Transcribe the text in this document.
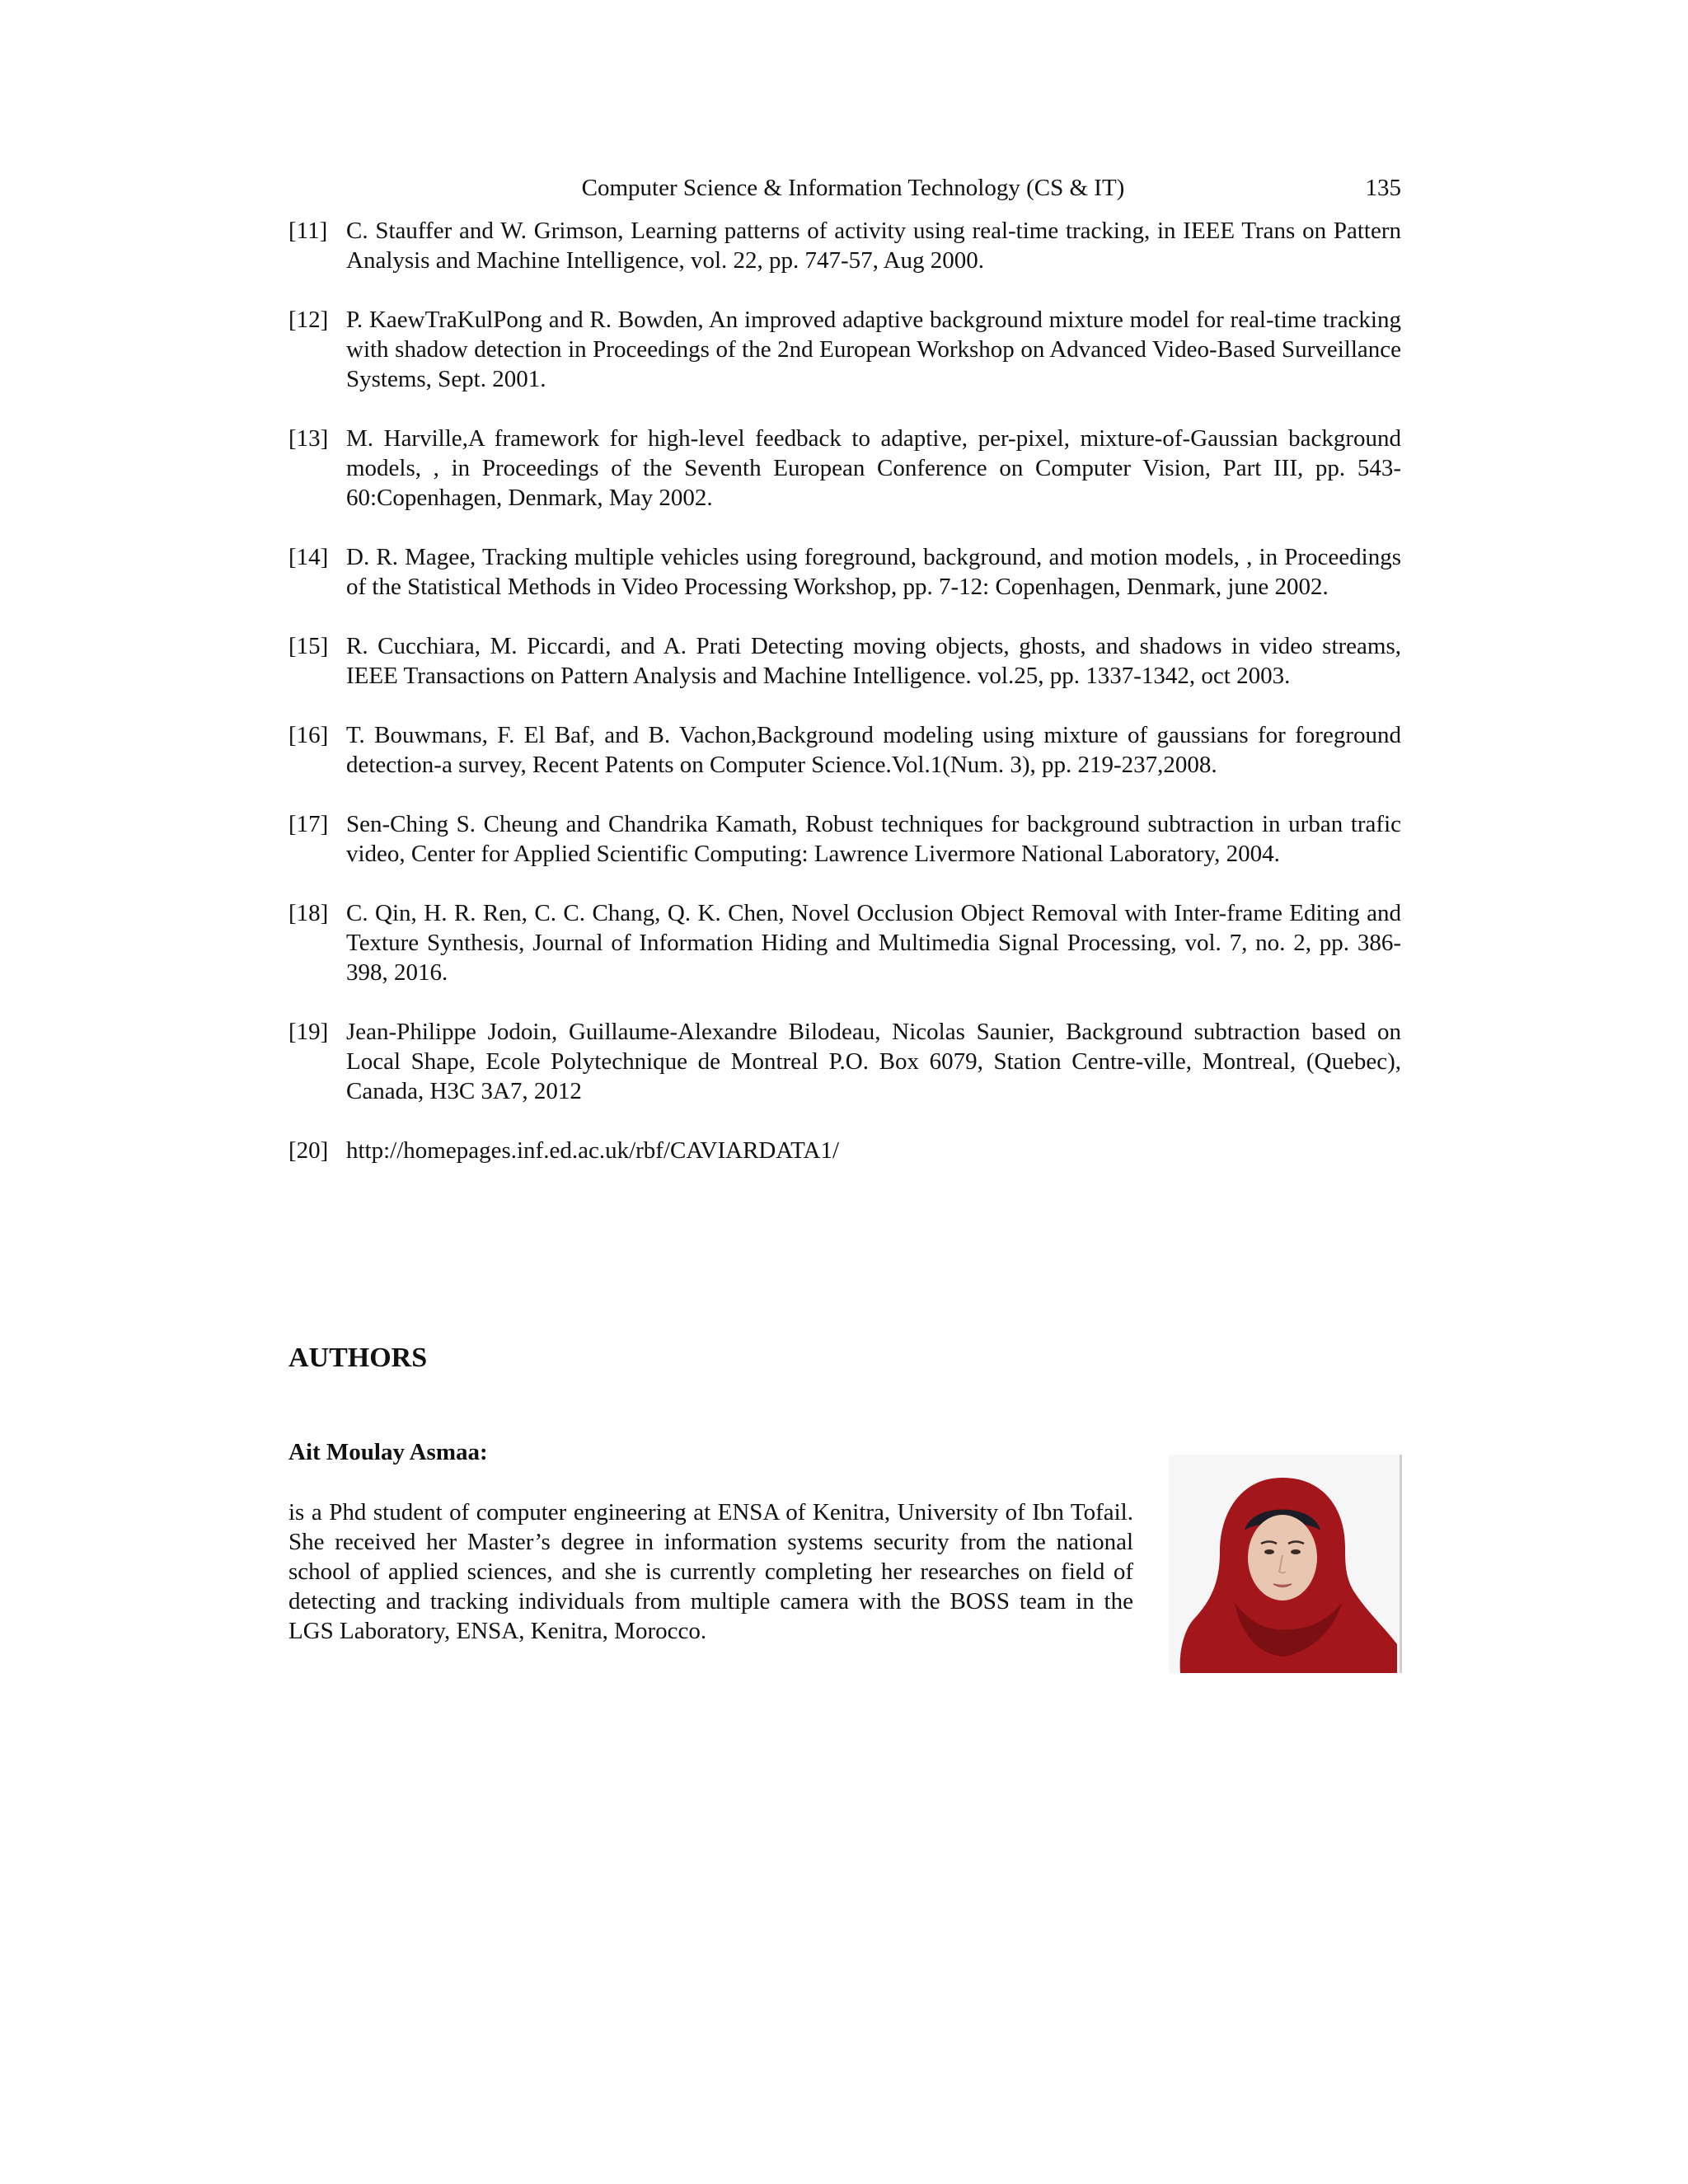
Computer Science & Information Technology (CS & IT)	135
[11] C. Stauffer and W. Grimson, Learning patterns of activity using real-time tracking, in IEEE Trans on Pattern Analysis and Machine Intelligence, vol. 22, pp. 747-57, Aug 2000.
[12] P. KaewTraKulPong and R. Bowden, An improved adaptive background mixture model for real-time tracking with shadow detection in Proceedings of the 2nd European Workshop on Advanced Video-Based Surveillance Systems, Sept. 2001.
[13] M. Harville,A framework for high-level feedback to adaptive, per-pixel, mixture-of-Gaussian background models, , in Proceedings of the Seventh European Conference on Computer Vision, Part III, pp. 543-60:Copenhagen, Denmark, May 2002.
[14] D. R. Magee, Tracking multiple vehicles using foreground, background, and motion models, , in Proceedings of the Statistical Methods in Video Processing Workshop, pp. 7-12: Copenhagen, Denmark, june 2002.
[15] R. Cucchiara, M. Piccardi, and A. Prati Detecting moving objects, ghosts, and shadows in video streams, IEEE Transactions on Pattern Analysis and Machine Intelligence. vol.25, pp. 1337-1342, oct 2003.
[16] T. Bouwmans, F. El Baf, and B. Vachon,Background modeling using mixture of gaussians for foreground detection-a survey, Recent Patents on Computer Science.Vol.1(Num. 3), pp. 219-237,2008.
[17] Sen-Ching S. Cheung and Chandrika Kamath, Robust techniques for background subtraction in urban trafic video, Center for Applied Scientific Computing: Lawrence Livermore National Laboratory, 2004.
[18] C. Qin, H. R. Ren, C. C. Chang, Q. K. Chen, Novel Occlusion Object Removal with Inter-frame Editing and Texture Synthesis, Journal of Information Hiding and Multimedia Signal Processing, vol. 7, no. 2, pp. 386-398, 2016.
[19] Jean-Philippe Jodoin, Guillaume-Alexandre Bilodeau, Nicolas Saunier, Background subtraction based on Local Shape, Ecole Polytechnique de Montreal P.O. Box 6079, Station Centre-ville, Montreal, (Quebec), Canada, H3C 3A7, 2012
[20] http://homepages.inf.ed.ac.uk/rbf/CAVIARDATA1/
AUTHORS
Ait Moulay Asmaa:
is a Phd student of computer engineering at ENSA of Kenitra, University of Ibn Tofail. She received her Master’s degree in information systems security from the national school of applied sciences, and she is currently completing her researches on field of detecting and tracking individuals from multiple camera with the BOSS team in the LGS Laboratory, ENSA, Kenitra, Morocco.
